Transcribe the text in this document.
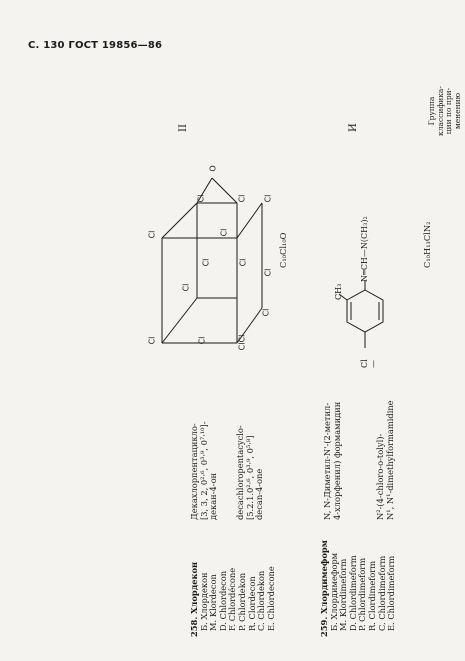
С. 130 ГОСТ 19856—86
Группа классифика- ции по при- менению
258. Хлордекон Б. Хлордекон М. Klordecon D. Chlordecon F. Chlordécone P. Chlordekon R. Clordecon C. Chlordekon E. Chlordecone
Декахлорпентацикло- [3, 3, 2, 0²·⁶, 0³·⁹, 0⁷·¹⁰]- декан-4-он decachloropentacyclo- [5.2.1.0²·⁶, 0³·⁹, 0⁵·⁸] decan-4-one
259. Хлордимеформ Б. Хлордимеформ М. Klordimeform D. Chlordimeform P. Chlordimeform R. Clordimeform C. Chlordimeform E. Chlordimeform
N, N-Диметил-N'-(2-метил- 4-хлорфенил) формамидин	N²-(4-chloro-o-tolyl)- N¹, N¹-dimethylformamidine
C₁₀Cl₁₀O	C₁₀H₁₃ClN₂
II	И
Cl
Cl
O
Cl	Cl Cl
Cl
Cl
Cl
Cl	ClCl
Cl
Cl
Cl	CH₃
Cl—
—N═CH—N(CH₃)₂
